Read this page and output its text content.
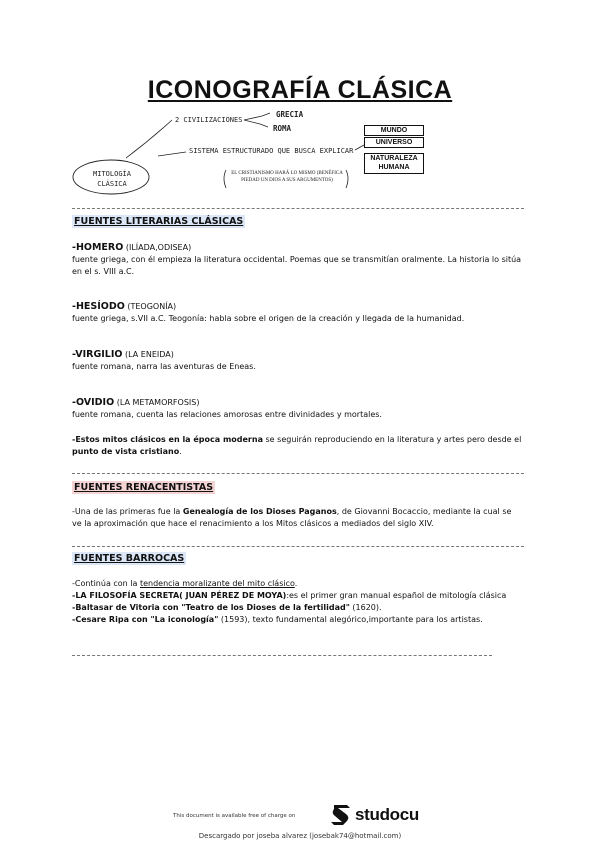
ICONOGRAFÍA CLÁSICA
2 CIVILIZACIONES
GRECIA
ROMA
SISTEMA ESTRUCTURADO QUE BUSCA EXPLICAR
MITOLOGÍA CLÁSICA
EL CRISTIANISMO HARÁ LO MISMO (BENÉFICA PIEDAD UN DIOS A SUS ARGUMENTOS)
MUNDO
UNIVERSO
NATURALEZA HUMANA
FUENTES LITERARIAS CLÁSICAS
-HOMERO (ILÍADA,ODISEA)
fuente griega, con él empieza la literatura occidental. Poemas que se transmitían oralmente. La historia lo sitúa en el s. VIII a.C.
-HESÍODO (TEOGONÍA)
fuente griega, s.VII a.C. Teogonía: habla sobre el origen de la creación y llegada de la humanidad.
-VIRGILIO (LA ENEIDA)
fuente romana, narra las aventuras de Eneas.
-OVIDIO (LA METAMORFOSIS)
fuente romana, cuenta las relaciones amorosas entre divinidades y mortales.
-Estos mitos clásicos en la época moderna se seguirán reproduciendo en la literatura y artes pero desde el punto de vista cristiano.
FUENTES RENACENTISTAS
-Una de las primeras fue la Genealogía de los Dioses Paganos, de Giovanni Bocaccio, mediante la cual se ve la aproximación que hace el renacimiento a los Mitos clásicos a mediados del siglo XIV.
FUENTES BARROCAS
-Continúa con la tendencia moralizante del mito clásico.
-LA FILOSOFÍA SECRETA( JUAN PÉREZ DE MOYA):es el primer gran manual español de mitología clásica
-Baltasar de Vitoria con "Teatro de los Dioses de la fertilidad" (1620).
-Cesare Ripa con "La iconología" (1593), texto fundamental alegórico,importante para los artistas.
This document is available free of charge on	studocu
Descargado por joseba alvarez (josebak74@hotmail.com)
